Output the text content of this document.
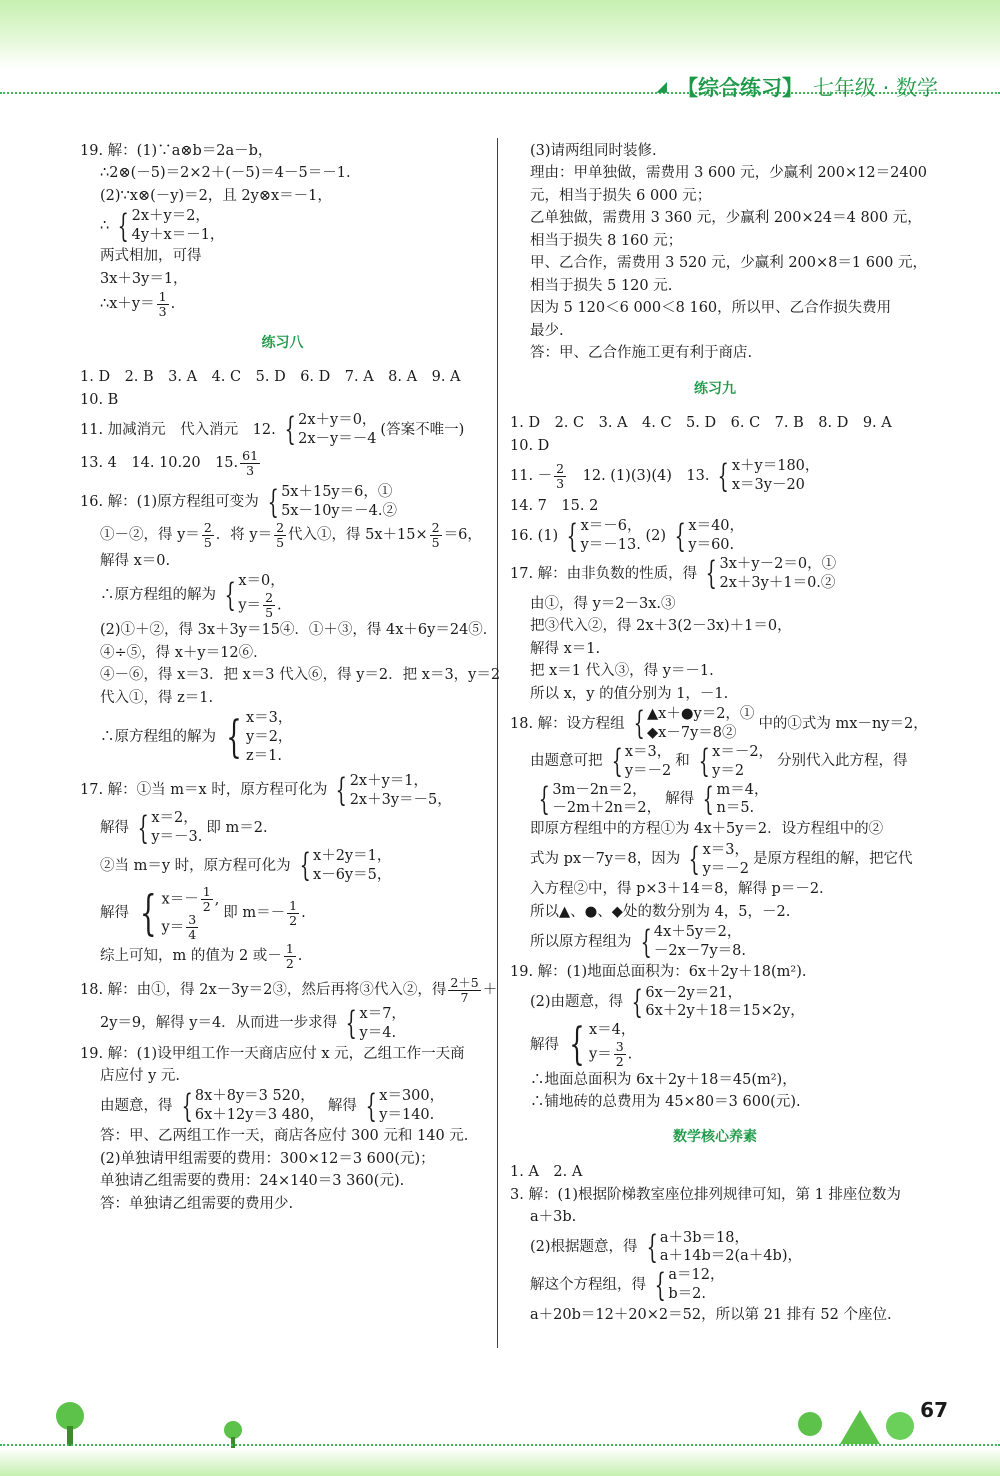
◢ 【综合练习】 七年级 · 数学
19. 解：(1)∵a⊗b＝2a－b，
∴2⊗(－5)＝2×2＋(－5)＝4－5＝－1.
(2)∵x⊗(－y)＝2，且 2y⊗x＝－1，
∴ { 2x＋y＝2，
4y＋x＝－1，
两式相加，可得
3x＋3y＝1，
∴x＋y＝ $\frac{1}{3}$ .
练习八
1. D　2. B　3. A　4. C　5. D　6. D　7. A　8. A　9. A
10. B
11. 加减消元　代入消元　12. { 2x＋y＝0，
2x－y＝－4
(答案不唯一)
13. 4　14. 10.20　15. $\frac{61}{3}$
16. 解：(1)原方程组可变为 { 5x＋15y＝6，①
5x－10y＝－4.②
①－②，得 $y= \frac{2}{5}$ ．将 $y= \frac{2}{5}$ 代入①，得 $5x+15\times \frac{2}{5} =6$，
解得 x＝0.
∴原方程组的解为 { x＝0，
$y= \frac{2}{5}$ .
(2)①＋②，得 3x＋3y＝15④．①＋③，得 4x＋6y＝24⑤．
④÷⑤，得 x＋y＝12⑥．
④－⑥，得 x＝3．把 x＝3 代入⑥，得 y＝2．把 x＝3，y＝2
代入①，得 z＝1.
∴原方程组的解为 { x＝3，
y＝2，
z＝1.
17. 解：①当 m＝x 时，原方程可化为 { 2x＋y＝1，
2x＋3y＝－5，
解得 { x＝2，
y＝－3.
即 m＝2.
②当 m＝y 时，原方程可化为 { x＋2y＝1，
x－6y＝5，
解得 { $x=- \frac{1}{2}$ ,
$y= \frac{3}{4}$
即 $m=- \frac{1}{2}$ .
综上可知，m 的值为 2 或－ $\frac{1}{2}$ .
18. 解：由①，得 2x－3y＝2③，然后再将③代入②，得 $\frac{2+5}{7}$ ＋
2y＝9，解得 y＝4．从而进一步求得 { x＝7，
y＝4.
19. 解：(1)设甲组工作一天商店应付 x 元，乙组工作一天商
店应付 y 元.
由题意，得 { 8x＋8y＝3 520，
6x＋12y＝3 480，
解得 { x＝300，
y＝140.
答：甲、乙两组工作一天，商店各应付 300 元和 140 元.
(2)单独请甲组需要的费用：300×12＝3 600(元)；
单独请乙组需要的费用：24×140＝3 360(元).
答：单独请乙组需要的费用少.
(3)请两组同时装修.
理由：甲单独做，需费用 3 600 元，少赢利 200×12＝2400
元，相当于损失 6 000 元；
乙单独做，需费用 3 360 元，少赢利 200×24＝4 800 元，
相当于损失 8 160 元；
甲、乙合作，需费用 3 520 元，少赢利 200×8＝1 600 元，
相当于损失 5 120 元.
因为 5 120＜6 000＜8 160，所以甲、乙合作损失费用
最少.
答：甲、乙合作施工更有利于商店.
练习九
1. D　2. C　3. A　4. C　5. D　6. C　7. B　8. D　9. A
10. D
11. － $\frac{2}{3}$
　 12. (1)(3)(4)　13. { x＋y＝180，
x＝3y－20
14. 7　15. 2
16. (1) { x＝－6，
y＝－13.
(2) { x＝40，
y＝60.
17. 解：由非负数的性质，得 { 3x＋y－2＝0，①
2x＋3y＋1＝0.②
由①，得 y＝2－3x.③
把③代入②，得 2x＋3(2－3x)＋1＝0，
解得 x＝1.
把 x＝1 代入③，得 y＝－1.
所以 x，y 的值分别为 1，－1.
18. 解：设方程组 { ▲x＋●y＝2，①
◆x－7y＝8②
中的①式为 mx－ny＝2，
由题意可把 { x＝3，
y＝－2
和 { x＝－2，
y＝2
分别代入此方程，得
{ 3m－2n＝2，
－2m＋2n＝2，
解得 { m＝4，
n＝5.
即原方程组中的方程①为 4x＋5y＝2．设方程组中的②
式为 px－7y＝8，因为 { x＝3，
y＝－2
是原方程组的解，把它代
入方程②中，得 p×3＋14＝8，解得 p＝－2.
所以▲、●、◆处的数分别为 4，5，－2.
所以原方程组为 { 4x＋5y＝2，
－2x－7y＝8.
19. 解：(1)地面总面积为：6x＋2y＋18(m²).
(2)由题意，得 { 6x－2y＝21，
6x＋2y＋18＝15×2y，
解得 { x＝4，
$y= \frac{3}{2}$ .
∴地面总面积为 6x＋2y＋18＝45(m²)，
∴铺地砖的总费用为 45×80＝3 600(元).
数学核心养素
1. A　2. A
3. 解：(1)根据阶梯教室座位排列规律可知，第 1 排座位数为
a＋3b.
(2)根据题意，得 { a＋3b＝18，
a＋14b＝2(a＋4b)，
解这个方程组，得 { a＝12，
b＝2.
a＋20b＝12＋20×2＝52，所以第 21 排有 52 个座位.
67
